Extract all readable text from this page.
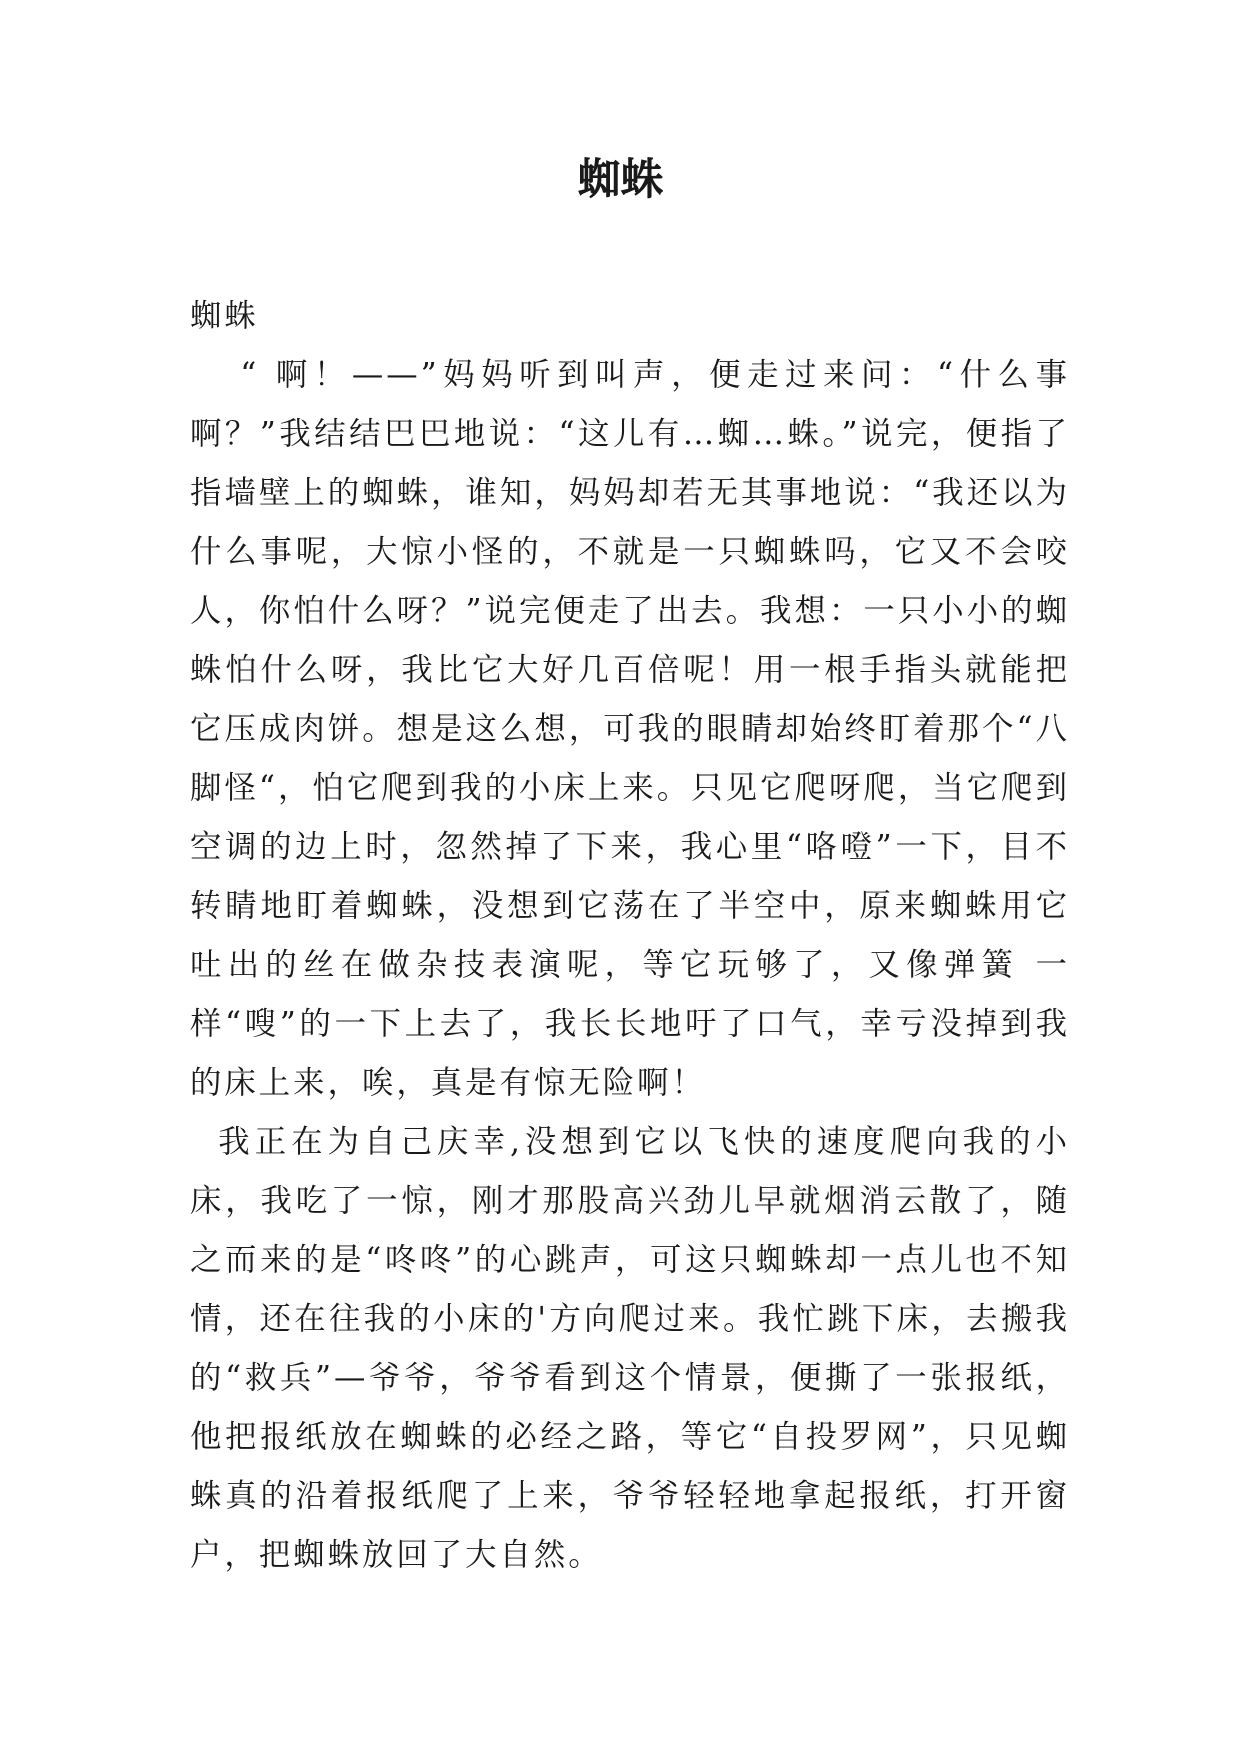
蜘蛛

蜘蛛

“ 啊！——”妈妈听到叫声，便走过来问：“什么事啊？”我结结巴巴地说：“这儿有…蜘…蛛。”说完，便指了指墙壁上的蜘蛛，谁知，妈妈却若无其事地说：“我还以为什么事呢，大惊小怪的，不就是一只蜘蛛吗，它又不会咬人，你怕什么呀？”说完便走了出去。我想：一只小小的蜘蛛怕什么呀，我比它大好几百倍呢！用一根手指头就能把它压成肉饼。想是这么想，可我的眼睛却始终盯着那个“八脚怪“，怕它爬到我的小床上来。只见它爬呀爬，当它爬到空调的边上时，忽然掉了下来，我心里“咯噔”一下，目不转睛地盯着蜘蛛，没想到它荡在了半空中，原来蜘蛛用它吐出的丝在做杂技表演呢，等它玩够了，又像弹簧 一样“嗖”的一下上去了，我长长地吁了口气，幸亏没掉到我的床上来，唉，真是有惊无险啊！

我正在为自己庆幸,没想到它以飞快的速度爬向我的小床，我吃了一惊，刚才那股高兴劲儿早就烟消云散了，随之而来的是“咚咚”的心跳声，可这只蜘蛛却一点儿也不知情，还在往我的小床的'方向爬过来。我忙跳下床，去搬我的“救兵”—爷爷，爷爷看到这个情景，便撕了一张报纸，他把报纸放在蜘蛛的必经之路，等它“自投罗网”，只见蜘蛛真的沿着报纸爬了上来，爷爷轻轻地拿起报纸，打开窗户，把蜘蛛放回了大自然。
